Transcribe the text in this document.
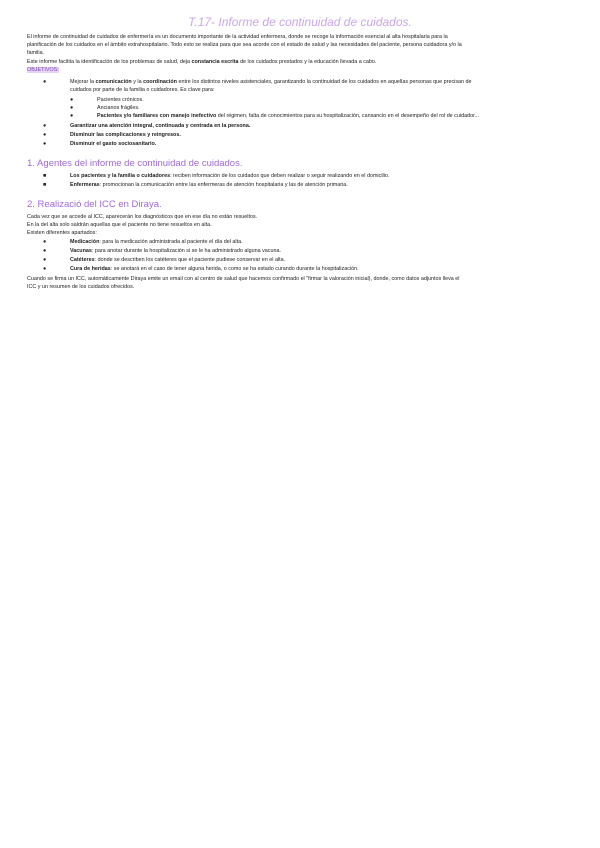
T.17- Informe de continuidad de cuidados.

El informe de continuidad de cuidados de enfermería es un documento importante de la actividad enfermera, donde se recoge la información esencial al alta hospitalaria para la

planificación de los cuidados en el ámbito extrahospitalario. Todo esto se realiza para que sea acorde con el estado de salud y las necesidades del paciente, persona cuidadora y/o la

familia.

Este informe facilita la identificación de los problemas de salud, deja constancia escrita de los cuidados prestados y la educación llevada a cabo.

OBJETIVOS:

●	Mejorar la comunicación y la coordinación entre los distintos niveles asistenciales, garantizando la continuidad de los cuidados en aquellas personas que precisan de
cuidados por parte de la familia o cuidadores. Es clave para:
●	Pacientes crónicos.
●	Ancianos frágiles.
●	Pacientes y/o familiares con manejo inefectivo del régimen, falta de conocimientos para su hospitalización, cansancio en el desempeño del rol de cuidador...
●	Garantizar una atención integral, continuada y centrada en la persona.
●	Disminuir las complicaciones y reingresos.
●	Disminuir el gasto sociosanitario.
1. Agentes del informe de continuidad de cuidados.
■	Los pacientes y la familia o cuidadores: reciben información de los cuidados que deben realizar o seguir realizando en el domicilio.
■	Enfermeras: promocionan la comunicación entre las enfermeras de atención hospitalaria y las de atención primaria.
2. Realizació del ICC en Diraya.

Cada vez que se accede al ICC, aparecerán los diagnósticos que en ese día no están resueltos.

En la del alta solo saldrán aquellas que el paciente no tiene resueltos en alta.

Existen diferentes apartados:

●	Medicación: para la medicación administrada al paciente el día del alta.
●	Vacunas: para anotar durante la hospitalización si se le ha administrado alguna vacuna.
●	Catéteres: donde se describen los catéteres que el paciente pudiese conservar en el alta.
●	Cura de heridas: se anotará en el caso de tener alguna herida, o como se ha estado curando durante la hospitalización.

Cuando se firma un ICC, automáticamente Diraya emite un email con al centro de salud que hacemos confirmado el "firmar la valoración inicial), donde, como datos adjuntos lleva el

ICC y un resumen de los cuidados ofrecidos.
